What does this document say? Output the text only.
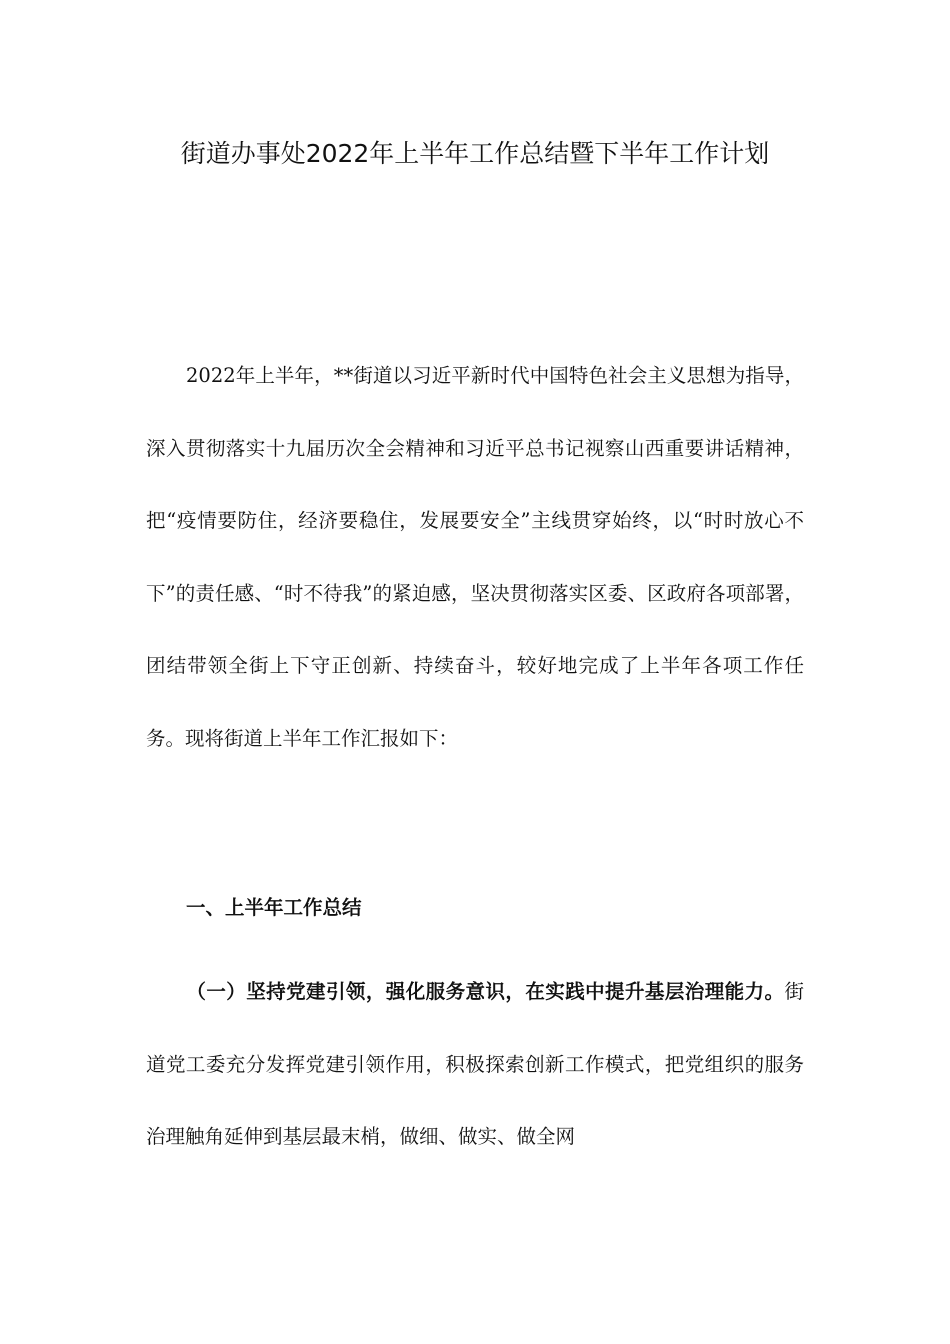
街道办事处2022年上半年工作总结暨下半年工作计划

2022年上半年，**街道以习近平新时代中国特色社会主义思想为指导，深入贯彻落实十九届历次全会精神和习近平总书记视察山西重要讲话精神，把“疫情要防住，经济要稳住，发展要安全”主线贯穿始终，以“时时放心不下”的责任感、“时不待我”的紧迫感，坚决贯彻落实区委、区政府各项部署，团结带领全街上下守正创新、持续奋斗，较好地完成了上半年各项工作任务。现将街道上半年工作汇报如下：

一、上半年工作总结

（一）坚持党建引领，强化服务意识，在实践中提升基层治理能力。街道党工委充分发挥党建引领作用，积极探索创新工作模式，把党组织的服务治理触角延伸到基层最末梢，做细、做实、做全网
